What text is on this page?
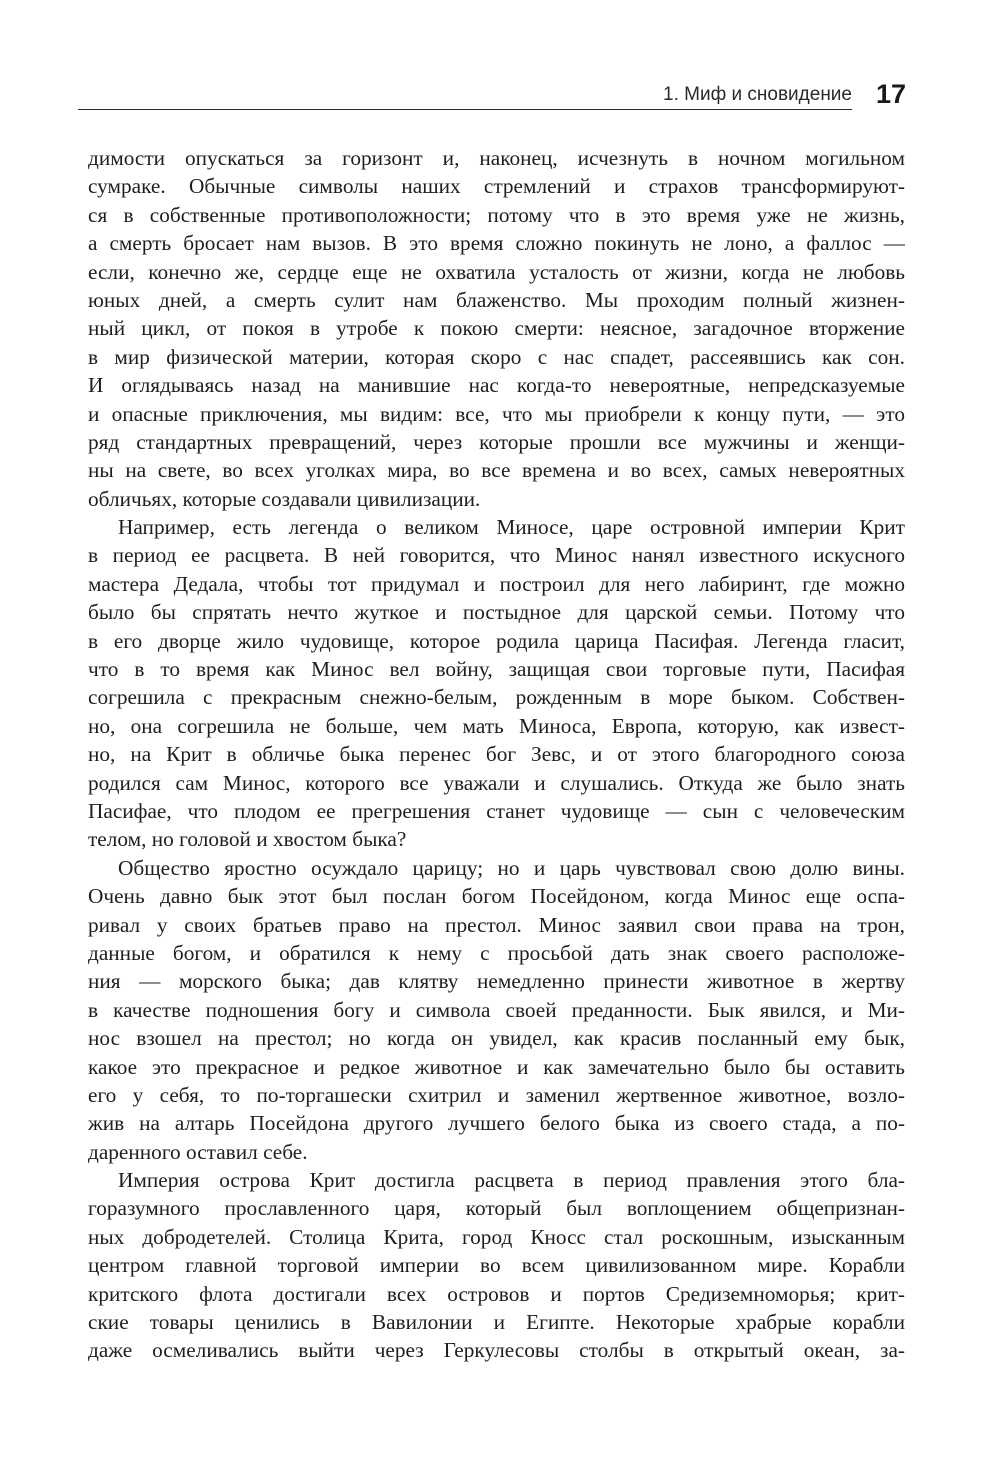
1. Миф и сновидение 17
димости опускаться за горизонт и, наконец, исчезнуть в ночном могильном
сумраке. Обычные символы наших стремлений и страхов трансформируют-
ся в собственные противоположности; потому что в это время уже не жизнь,
а смерть бросает нам вызов. В это время сложно покинуть не лоно, а фаллос —
если, конечно же, сердце еще не охватила усталость от жизни, когда не любовь
юных дней, а смерть сулит нам блаженство. Мы проходим полный жизнен-
ный цикл, от покоя в утробе к покою смерти: неясное, загадочное вторжение
в мир физической материи, которая скоро с нас спадет, рассеявшись как сон.
И оглядываясь назад на манившие нас когда-то невероятные, непредсказуемые
и опасные приключения, мы видим: все, что мы приобрели к концу пути, — это
ряд стандартных превращений, через которые прошли все мужчины и женщи-
ны на свете, во всех уголках мира, во все времена и во всех, самых невероятных
обличьях, которые создавали цивилизации.
Например, есть легенда о великом Миносе, царе островной империи Крит
в период ее расцвета. В ней говорится, что Минос нанял известного искусного
мастера Дедала, чтобы тот придумал и построил для него лабиринт, где можно
было бы спрятать нечто жуткое и постыдное для царской семьи. Потому что
в его дворце жило чудовище, которое родила царица Пасифая. Легенда гласит,
что в то время как Минос вел войну, защищая свои торговые пути, Пасифая
согрешила с прекрасным снежно-белым, рожденным в море быком. Собствен-
но, она согрешила не больше, чем мать Миноса, Европа, которую, как извест-
но, на Крит в обличье быка перенес бог Зевс, и от этого благородного союза
родился сам Минос, которого все уважали и слушались. Откуда же было знать
Пасифае, что плодом ее прегрешения станет чудовище — сын с человеческим
телом, но головой и хвостом быка?
Общество яростно осуждало царицу; но и царь чувствовал свою долю вины.
Очень давно бык этот был послан богом Посейдоном, когда Минос еще оспа-
ривал у своих братьев право на престол. Минос заявил свои права на трон,
данные богом, и обратился к нему с просьбой дать знак своего расположе-
ния — морского быка; дав клятву немедленно принести животное в жертву
в качестве подношения богу и символа своей преданности. Бык явился, и Ми-
нос взошел на престол; но когда он увидел, как красив посланный ему бык,
какое это прекрасное и редкое животное и как замечательно было бы оставить
его у себя, то по-торгашески схитрил и заменил жертвенное животное, возло-
жив на алтарь Посейдона другого лучшего белого быка из своего стада, а по-
даренного оставил себе.
Империя острова Крит достигла расцвета в период правления этого бла-
горазумного прославленного царя, который был воплощением общепризнан-
ных добродетелей. Столица Крита, город Кносс стал роскошным, изысканным
центром главной торговой империи во всем цивилизованном мире. Корабли
критского флота достигали всех островов и портов Средиземноморья; крит-
ские товары ценились в Вавилонии и Египте. Некоторые храбрые корабли
даже осмеливались выйти через Геркулесовы столбы в открытый океан, за-
